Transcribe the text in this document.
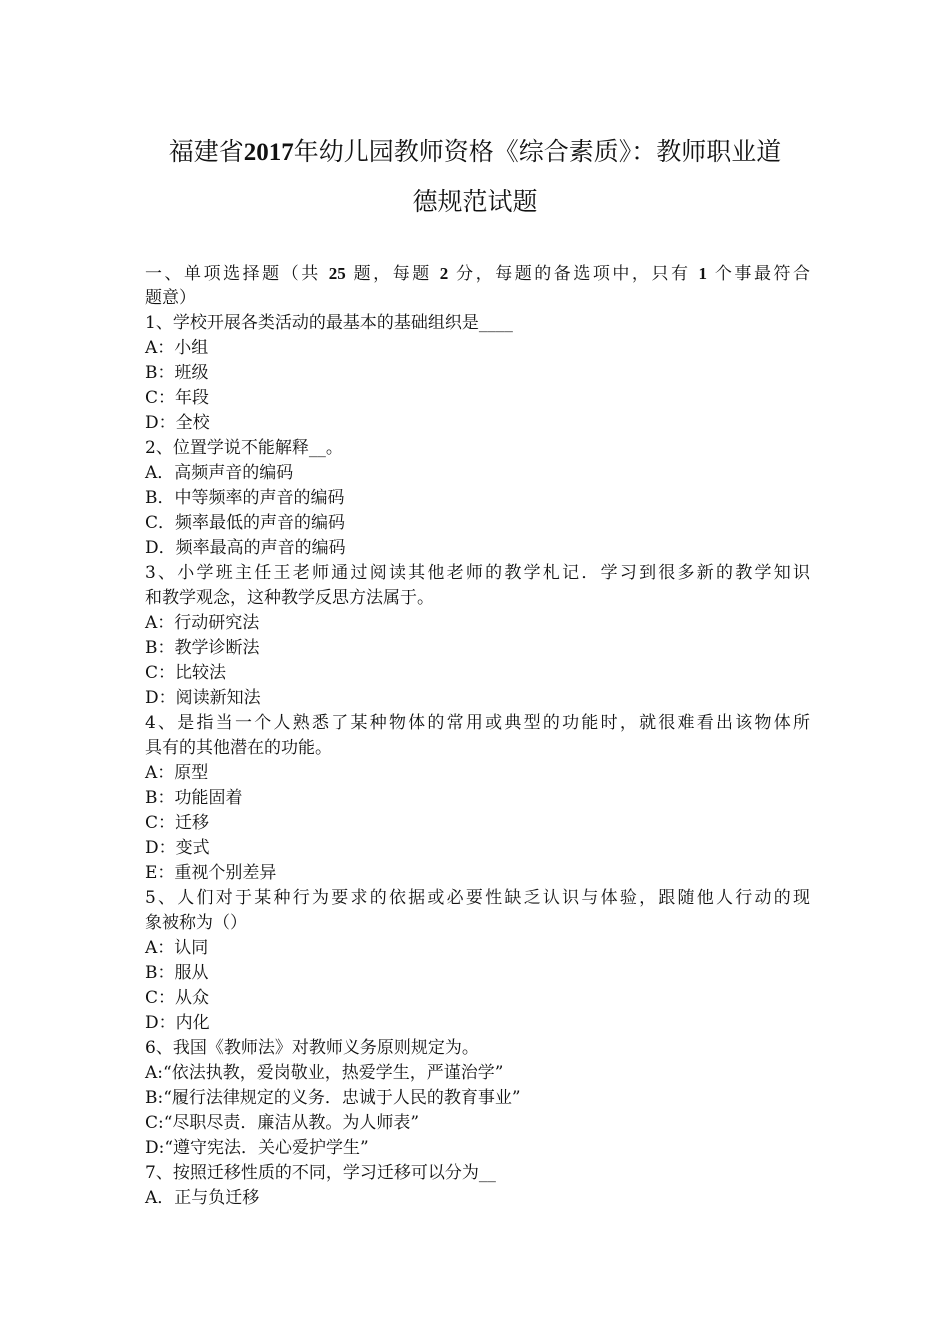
福建省2017年幼儿园教师资格《综合素质》：教师职业道
德规范试题
一、单项选择题（共 25 题，每题 2 分，每题的备选项中，只有 1 个事最符合
题意）
1、学校开展各类活动的最基本的基础组织是____
A：小组
B：班级
C：年段
D：全校
2、位置学说不能解释__。
A．高频声音的编码
B．中等频率的声音的编码
C．频率最低的声音的编码
D．频率最高的声音的编码
3、小学班主任王老师通过阅读其他老师的教学札记．学习到很多新的教学知识
和教学观念，这种教学反思方法属于。
A：行动研究法
B：教学诊断法
C：比较法
D：阅读新知法
4、是指当一个人熟悉了某种物体的常用或典型的功能时，就很难看出该物体所
具有的其他潜在的功能。
A：原型
B：功能固着
C：迁移
D：变式
E：重视个别差异
5、人们对于某种行为要求的依据或必要性缺乏认识与体验，跟随他人行动的现
象被称为（）
A：认同
B：服从
C：从众
D：内化
6、我国《教师法》对教师义务原则规定为。
A:“依法执教，爱岗敬业，热爱学生，严谨治学”
B:“履行法律规定的义务．忠诚于人民的教育事业”
C:“尽职尽责．廉洁从教。为人师表”
D:“遵守宪法．关心爱护学生”
7、按照迁移性质的不同，学习迁移可以分为__
A．正与负迁移
